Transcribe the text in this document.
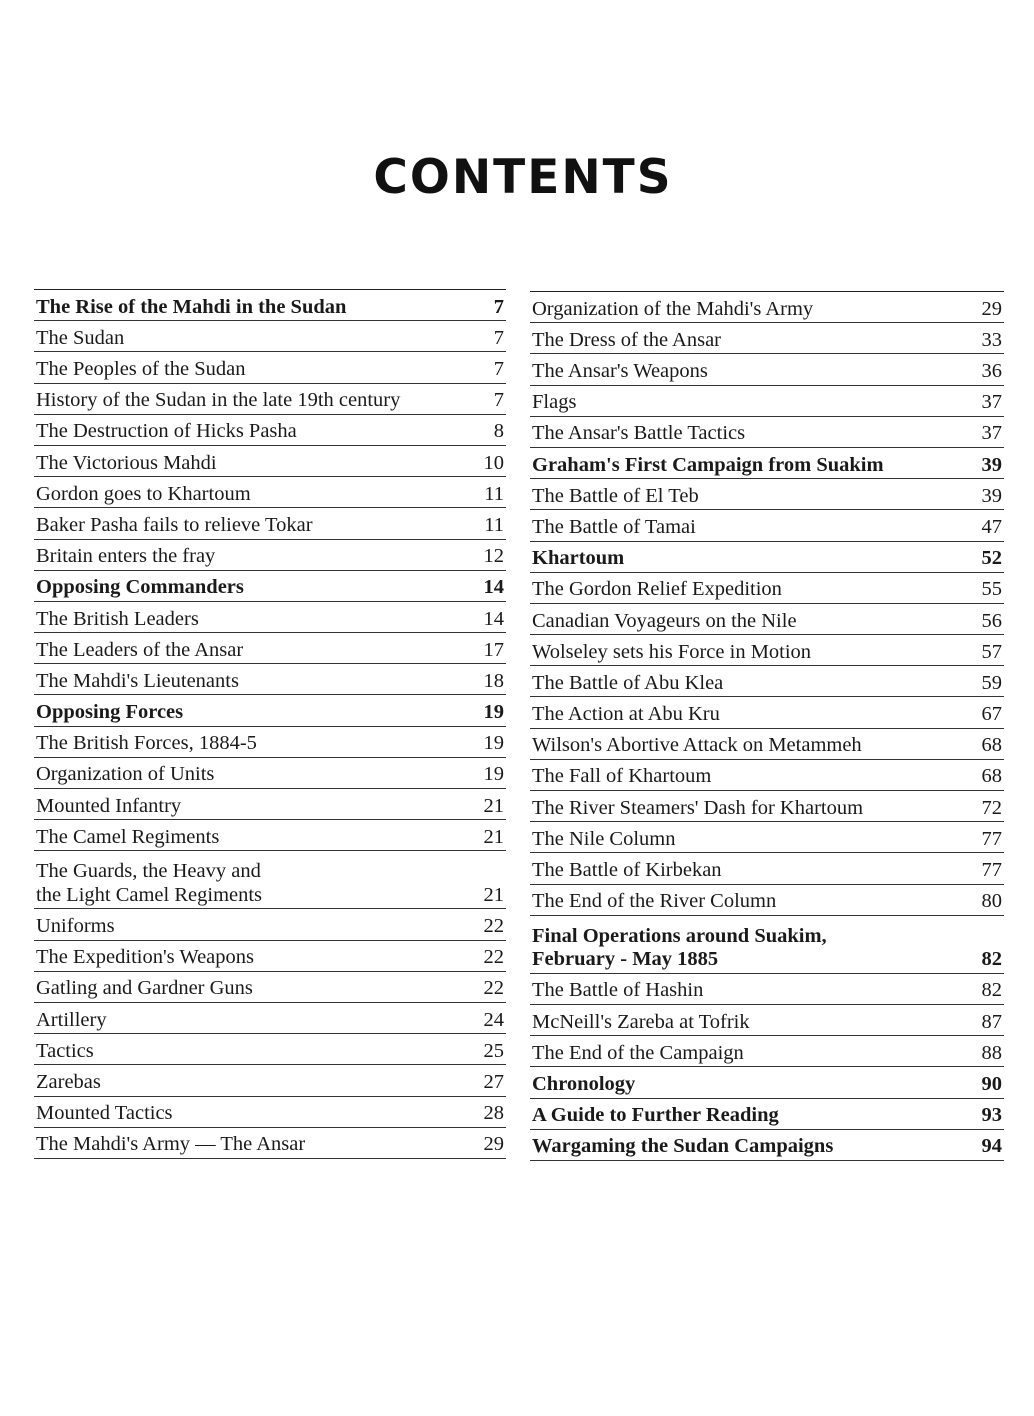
CONTENTS
The Rise of the Mahdi in the Sudan	7
The Sudan	7
The Peoples of the Sudan	7
History of the Sudan in the late 19th century	7
The Destruction of Hicks Pasha	8
The Victorious Mahdi	10
Gordon goes to Khartoum	11
Baker Pasha fails to relieve Tokar	11
Britain enters the fray	12
Opposing Commanders	14
The British Leaders	14
The Leaders of the Ansar	17
The Mahdi's Lieutenants	18
Opposing Forces	19
The British Forces, 1884-5	19
Organization of Units	19
Mounted Infantry	21
The Camel Regiments	21
The Guards, the Heavy and
the Light Camel Regiments	21
Uniforms	22
The Expedition's Weapons	22
Gatling and Gardner Guns	22
Artillery	24
Tactics	25
Zarebas	27
Mounted Tactics	28
The Mahdi's Army — The Ansar	29
Organization of the Mahdi's Army	29
The Dress of the Ansar	33
The Ansar's Weapons	36
Flags	37
The Ansar's Battle Tactics	37
Graham's First Campaign from Suakim	39
The Battle of El Teb	39
The Battle of Tamai	47
Khartoum	52
The Gordon Relief Expedition	55
Canadian Voyageurs on the Nile	56
Wolseley sets his Force in Motion	57
The Battle of Abu Klea	59
The Action at Abu Kru	67
Wilson's Abortive Attack on Metammeh	68
The Fall of Khartoum	68
The River Steamers' Dash for Khartoum	72
The Nile Column	77
The Battle of Kirbekan	77
The End of the River Column	80
Final Operations around Suakim,
February - May 1885	82
The Battle of Hashin	82
McNeill's Zareba at Tofrik	87
The End of the Campaign	88
Chronology	90
A Guide to Further Reading	93
Wargaming the Sudan Campaigns	94
